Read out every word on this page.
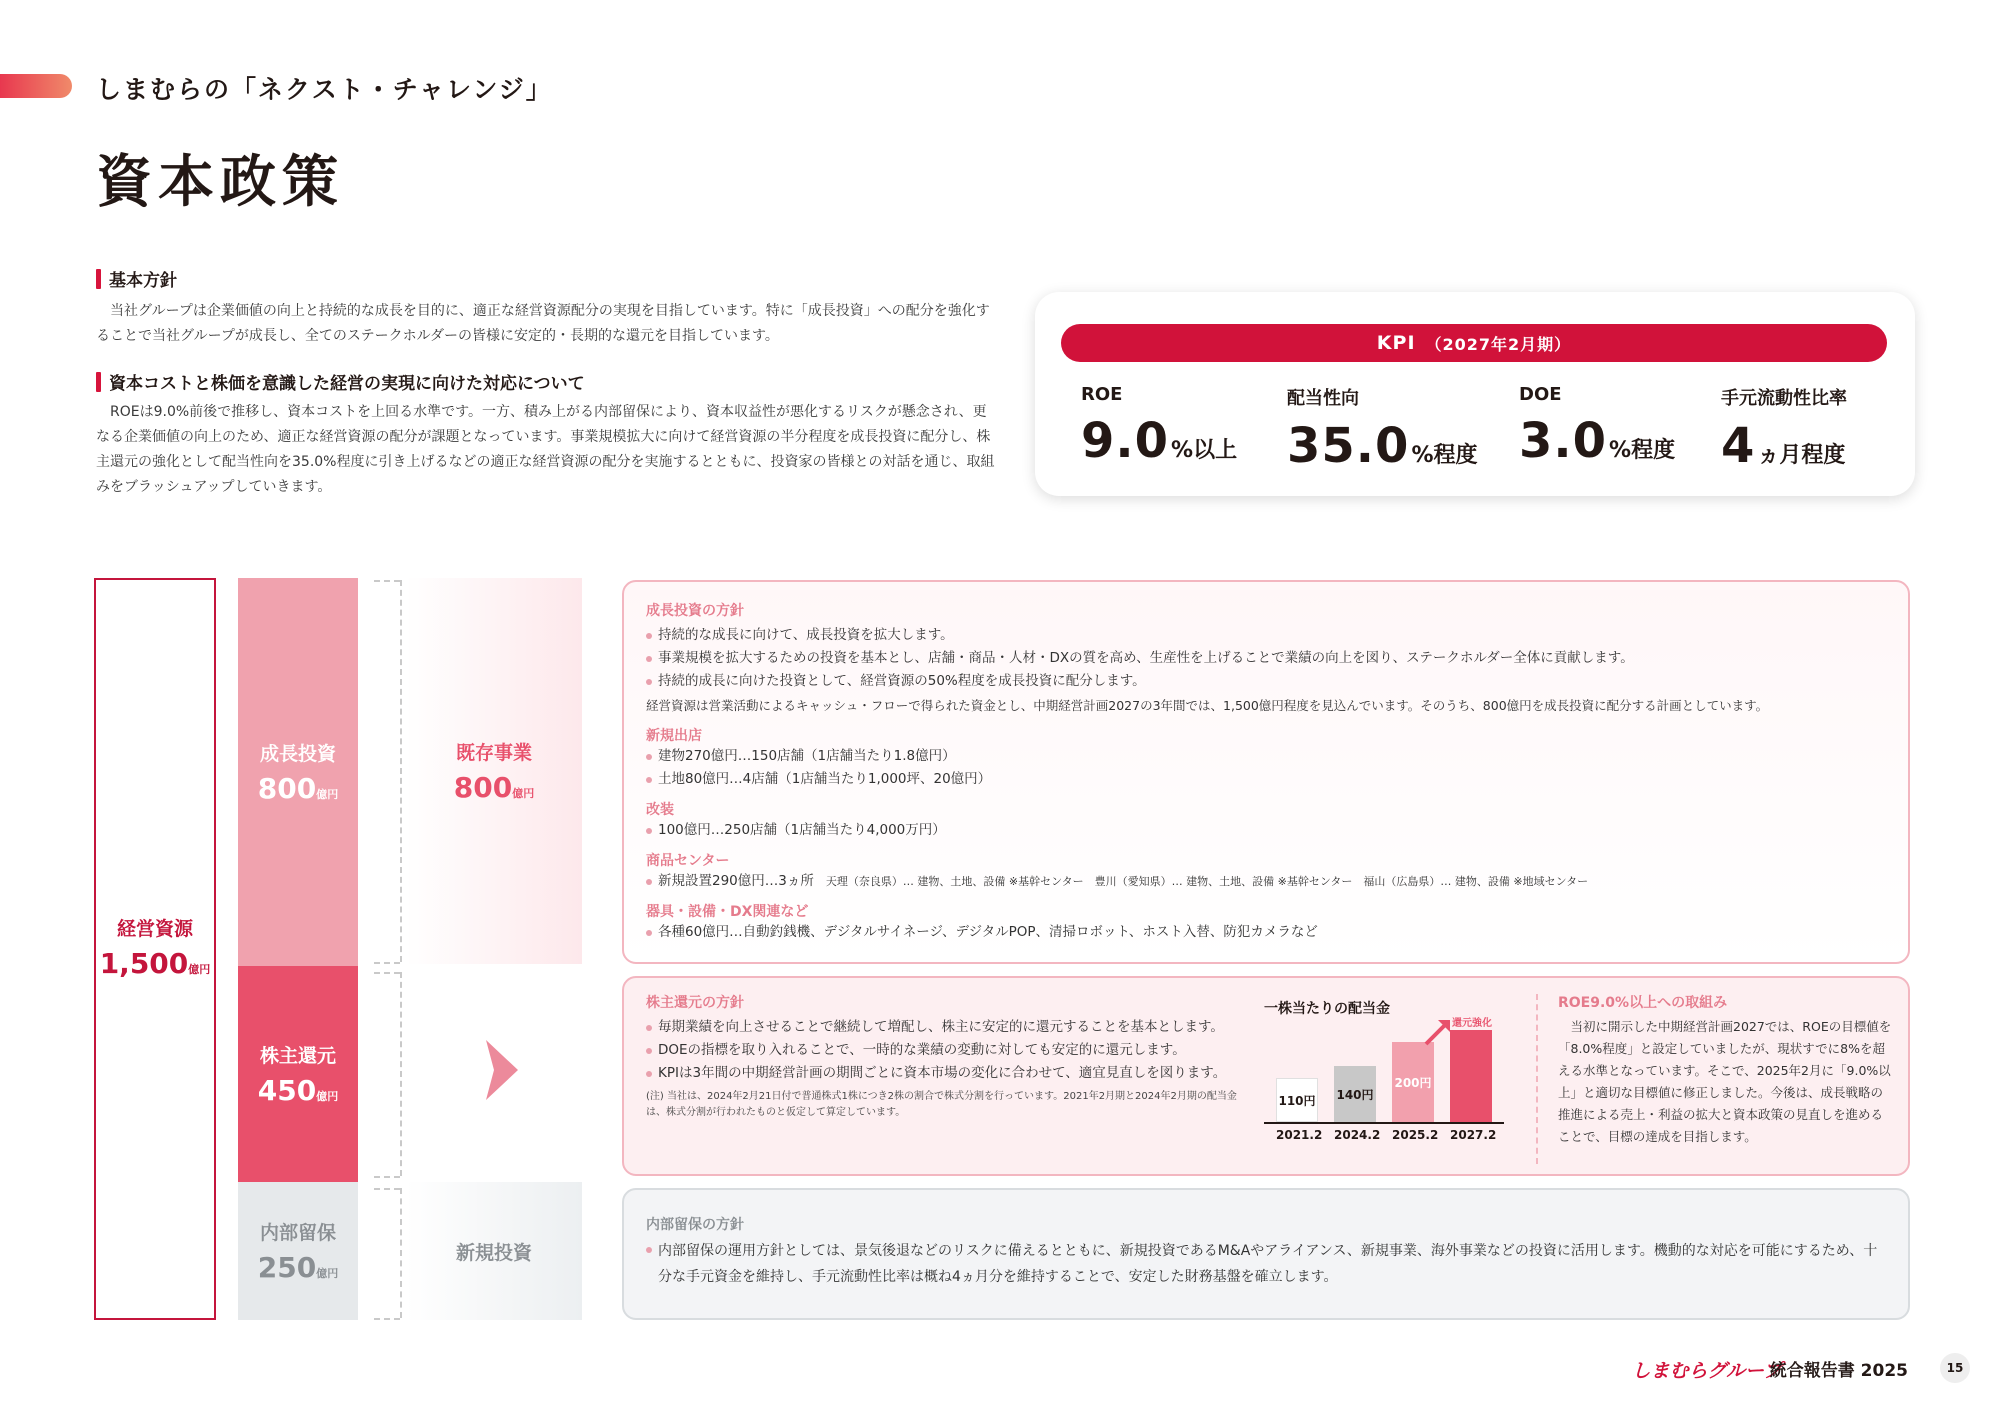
しまむらの「ネクスト・チャレンジ」
資本政策
基本方針

当社グループは企業価値の向上と持続的な成長を目的に、適正な経営資源配分の実現を目指しています。特に「成長投資」への配分を強化することで当社グループが成長し、全てのステークホルダーの皆様に安定的・長期的な還元を目指しています。

資本コストと株価を意識した経営の実現に向けた対応について

ROEは9.0%前後で推移し、資本コストを上回る水準です。一方、積み上がる内部留保により、資本収益性が悪化するリスクが懸念され、更なる企業価値の向上のため、適正な経営資源の配分が課題となっています。事業規模拡大に向けて経営資源の半分程度を成長投資に配分し、株主還元の強化として配当性向を35.0%程度に引き上げるなどの適正な経営資源の配分を実施するとともに、投資家の皆様との対話を通じ、取組みをブラッシュアップしていきます。

KPI （2027年2月期）
ROE
9.0%以上
配当性向
35.0%程度
DOE
3.0%程度
手元流動性比率
4ヵ月程度
経営資源
1,500億円
成長投資
800億円
株主還元
450億円
内部留保
250億円
既存事業
800億円
新規投資
成長投資の方針
持続的な成長に向けて、成長投資を拡大します。
事業規模を拡大するための投資を基本とし、店舗・商品・人材・DXの質を高め、生産性を上げることで業績の向上を図り、ステークホルダー全体に貢献します。
持続的成長に向けた投資として、経営資源の50%程度を成長投資に配分します。
経営資源は営業活動によるキャッシュ・フローで得られた資金とし、中期経営計画2027の3年間では、1,500億円程度を見込んでいます。そのうち、800億円を成長投資に配分する計画としています。
新規出店
建物270億円…150店舗（1店舗当たり1.8億円）
土地80億円…4店舗（1店舗当たり1,000坪、20億円）
改装
100億円…250店舗（1店舗当たり4,000万円）
商品センター
新規設置290億円…3ヵ所 天理（奈良県）… 建物、土地、設備 ※基幹センター　豊川（愛知県）… 建物、土地、設備 ※基幹センター　福山（広島県）… 建物、設備 ※地域センター
器具・設備・DX関連など
各種60億円…自動釣銭機、デジタルサイネージ、デジタルPOP、清掃ロボット、ホスト入替、防犯カメラなど
株主還元の方針
毎期業績を向上させることで継続して増配し、株主に安定的に還元することを基本とします。
DOEの指標を取り入れることで、一時的な業績の変動に対しても安定的に還元します。
KPIは3年間の中期経営計画の期間ごとに資本市場の変化に合わせて、適宜見直しを図ります。
(注) 当社は、2024年2月21日付で普通株式1株につき2株の割合で株式分割を行っています。2021年2月期と2024年2月期の配当金は、株式分割が行われたものと仮定して算定しています。
一株当たりの配当金
110円 140円
200円
2021.2 2024.2 2025.2 2027.2
還元強化
ROE9.0%以上への取組み
当初に開示した中期経営計画2027では、ROEの目標値を「8.0%程度」と設定していましたが、現状すでに8%を超える水準となっています。そこで、2025年2月に「9.0%以上」と適切な目標値に修正しました。今後は、成長戦略の推進による売上・利益の拡大と資本政策の見直しを進めることで、目標の達成を目指します。
内部留保の方針
内部留保の運用方針としては、景気後退などのリスクに備えるとともに、新規投資であるM&Aやアライアンス、新規事業、海外事業などの投資に活用します。機動的な対応を可能にするため、十分な手元資金を維持し、手元流動性比率は概ね4ヵ月分を維持することで、安定した財務基盤を確立します。
しまむらグループ
統合報告書 2025	15
